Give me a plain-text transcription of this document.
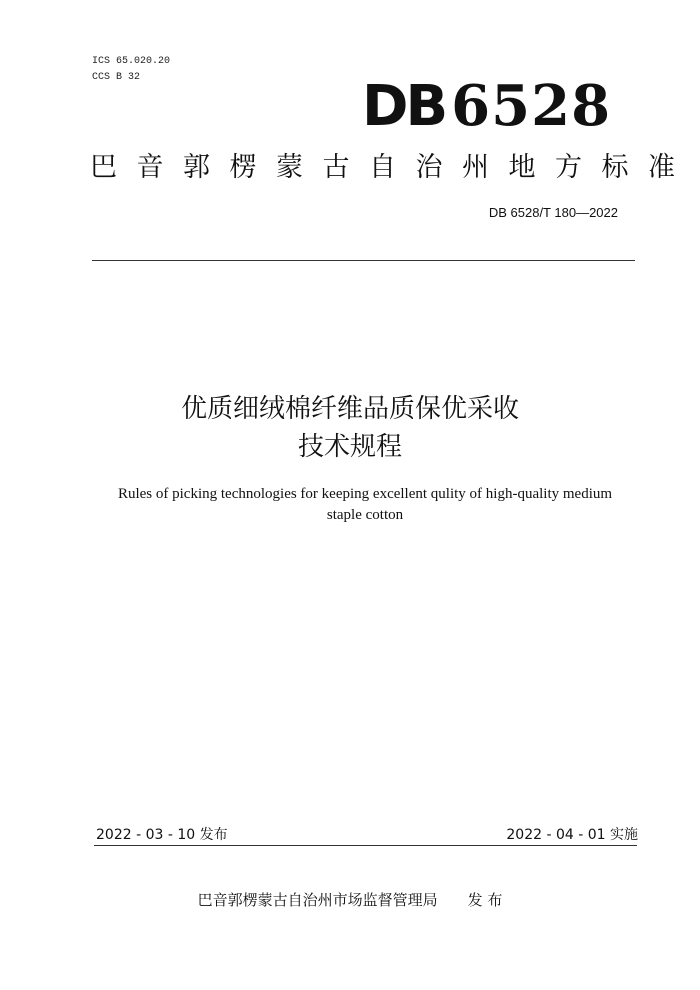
ICS 65.020.20
CCS B 32	DB 6528
巴音郭楞蒙古自治州地方标准
DB 6528/T 180—2022
优质细绒棉纤维品质保优采收
技术规程
Rules of picking technologies for keeping excellent qulity of high-quality medium staple cotton
2022 - 03 - 10 发布	2022 - 04 - 01 实施
巴音郭楞蒙古自治州市场监督管理局 发 布
